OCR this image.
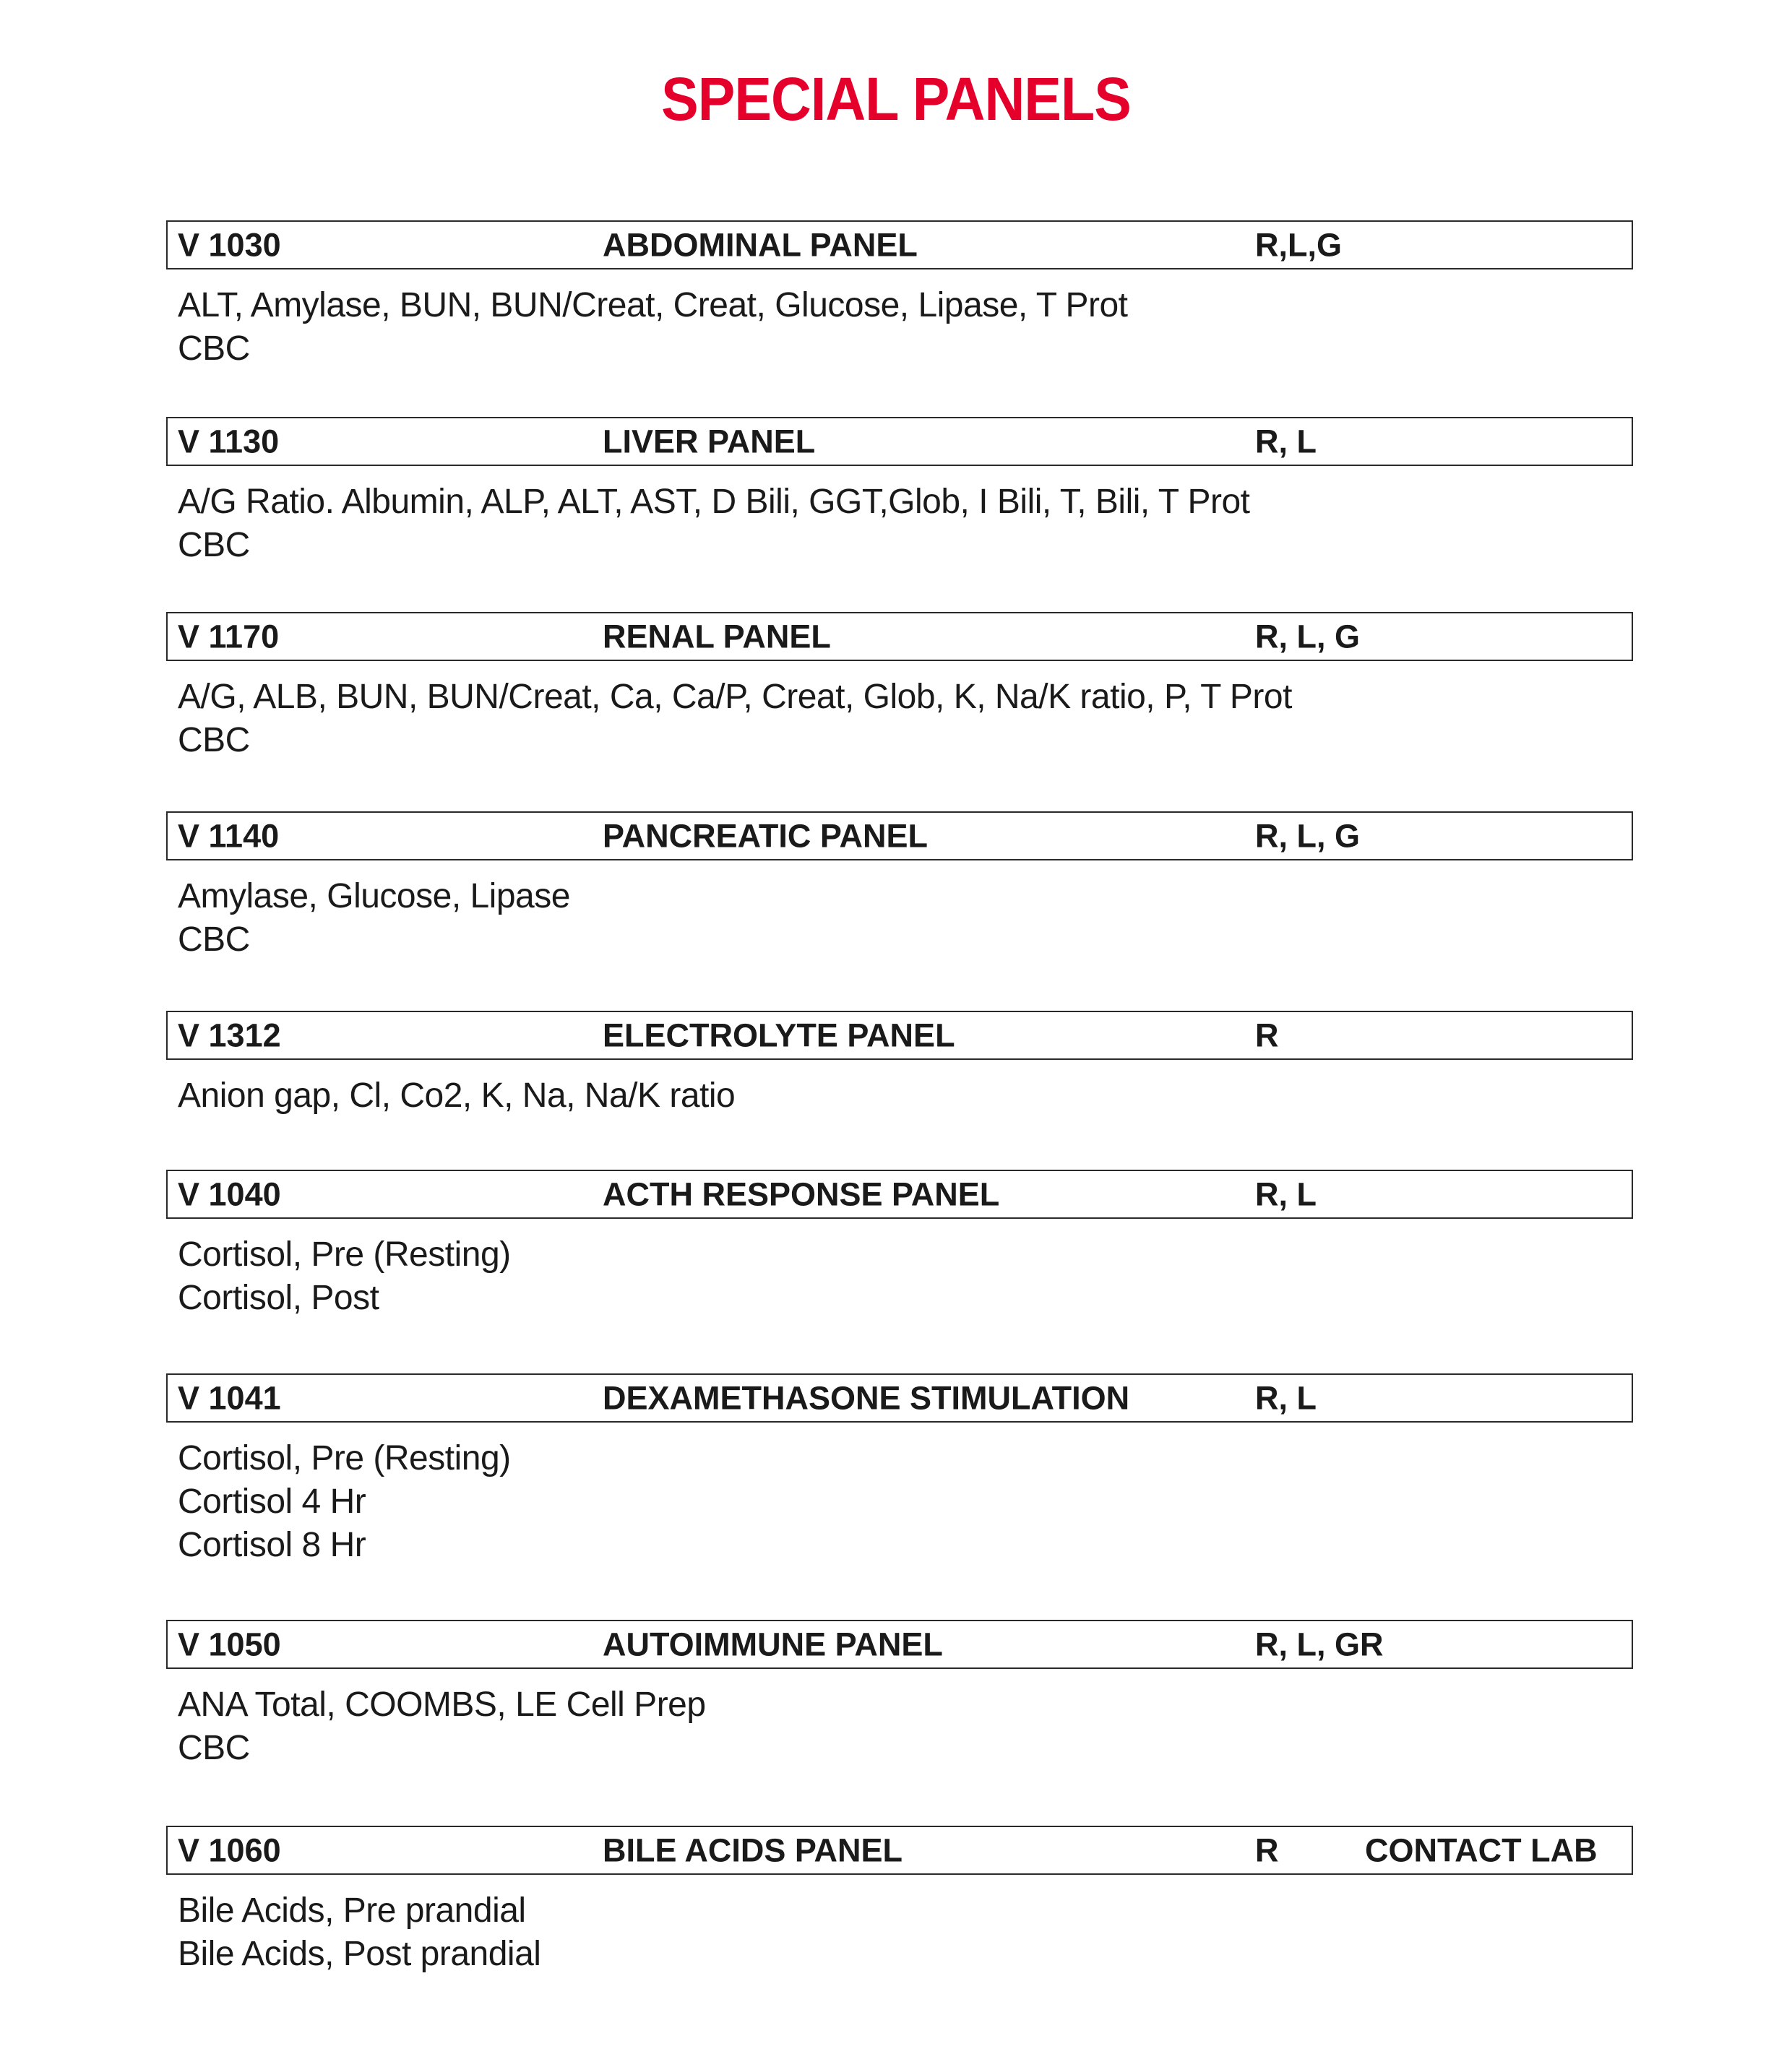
SPECIAL PANELS
V 1030	ABDOMINAL PANEL	R,L,G
ALT, Amylase, BUN, BUN/Creat, Creat, Glucose, Lipase, T Prot
CBC
V 1130	LIVER PANEL	R, L
A/G Ratio. Albumin, ALP, ALT, AST, D Bili, GGT,Glob, I Bili, T, Bili, T Prot
CBC
V 1170	RENAL PANEL	R, L, G
A/G, ALB, BUN, BUN/Creat, Ca, Ca/P, Creat, Glob, K, Na/K ratio, P, T Prot
CBC
V 1140	PANCREATIC PANEL	R, L, G
Amylase, Glucose, Lipase
CBC
V 1312	ELECTROLYTE PANEL	R
Anion gap, Cl, Co2, K, Na, Na/K ratio
V 1040	ACTH RESPONSE PANEL	R, L
Cortisol, Pre (Resting)
Cortisol, Post
V 1041	DEXAMETHASONE STIMULATION	R, L
Cortisol, Pre (Resting)
Cortisol 4 Hr
Cortisol 8 Hr
V 1050	AUTOIMMUNE PANEL	R, L, GR
ANA Total, COOMBS, LE Cell Prep
CBC
V 1060	BILE ACIDS PANEL	R	CONTACT LAB
Bile Acids, Pre prandial
Bile Acids, Post prandial
